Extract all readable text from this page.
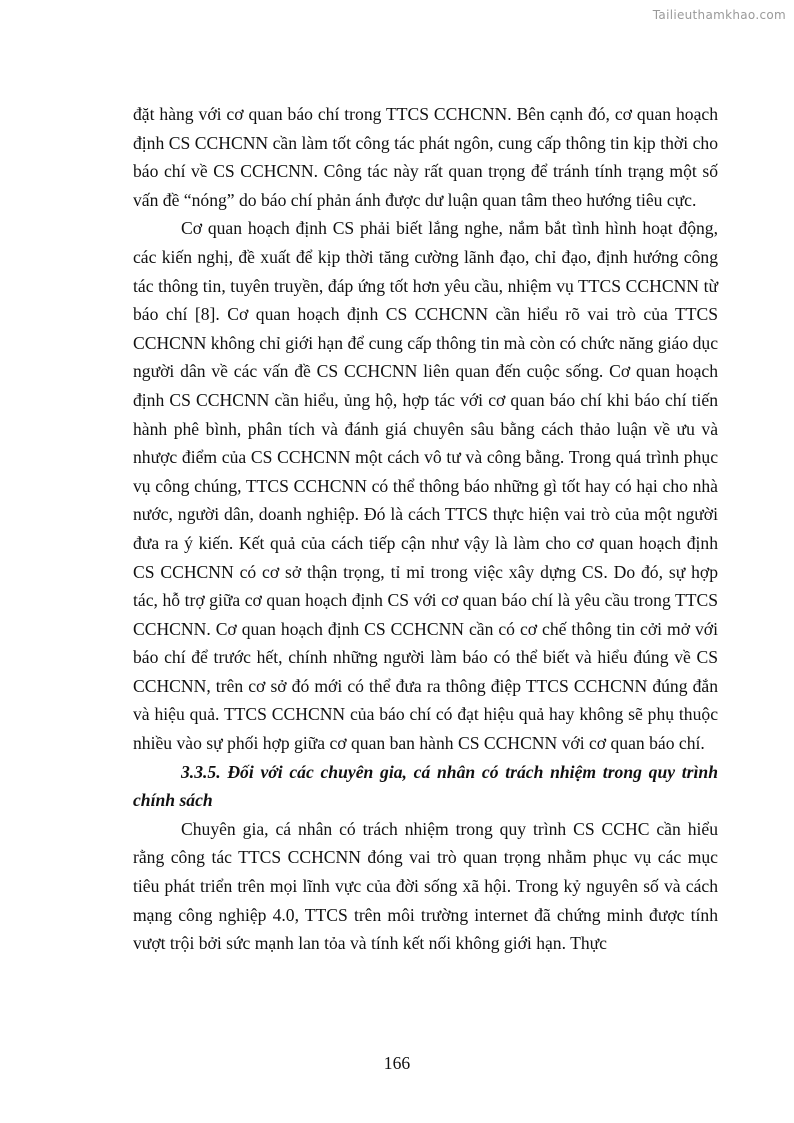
Tailieuthamkhao.com

đặt hàng với cơ quan báo chí trong TTCS CCHCNN. Bên cạnh đó, cơ quan hoạch định CS CCHCNN cần làm tốt công tác phát ngôn, cung cấp thông tin kịp thời cho báo chí về CS CCHCNN. Công tác này rất quan trọng để tránh tính trạng một số vấn đề “nóng” do báo chí phản ánh được dư luận quan tâm theo hướng tiêu cực.

Cơ quan hoạch định CS phải biết lắng nghe, nắm bắt tình hình hoạt động, các kiến nghị, đề xuất để kịp thời tăng cường lãnh đạo, chỉ đạo, định hướng công tác thông tin, tuyên truyền, đáp ứng tốt hơn yêu cầu, nhiệm vụ TTCS CCHCNN từ báo chí [8]. Cơ quan hoạch định CS CCHCNN cần hiểu rõ vai trò của TTCS CCHCNN không chỉ giới hạn để cung cấp thông tin mà còn có chức năng giáo dục người dân về các vấn đề CS CCHCNN liên quan đến cuộc sống. Cơ quan hoạch định CS CCHCNN cần hiểu, ủng hộ, hợp tác với cơ quan báo chí khi báo chí tiến hành phê bình, phân tích và đánh giá chuyên sâu bằng cách thảo luận về ưu và nhược điểm của CS CCHCNN một cách vô tư và công bằng. Trong quá trình phục vụ công chúng, TTCS CCHCNN có thể thông báo những gì tốt hay có hại cho nhà nước, người dân, doanh nghiệp. Đó là cách TTCS thực hiện vai trò của một người đưa ra ý kiến. Kết quả của cách tiếp cận như vậy là làm cho cơ quan hoạch định CS CCHCNN có cơ sở thận trọng, tỉ mỉ trong việc xây dựng CS. Do đó, sự hợp tác, hỗ trợ giữa cơ quan hoạch định CS với cơ quan báo chí là yêu cầu trong TTCS CCHCNN. Cơ quan hoạch định CS CCHCNN cần có cơ chế thông tin cởi mở với báo chí để trước hết, chính những người làm báo có thể biết và hiểu đúng về CS CCHCNN, trên cơ sở đó mới có thể đưa ra thông điệp TTCS CCHCNN đúng đắn và hiệu quả. TTCS CCHCNN của báo chí có đạt hiệu quả hay không sẽ phụ thuộc nhiều vào sự phối hợp giữa cơ quan ban hành CS CCHCNN với cơ quan báo chí.

3.3.5. Đối với các chuyên gia, cá nhân có trách nhiệm trong quy trình chính sách

Chuyên gia, cá nhân có trách nhiệm trong quy trình CS CCHC cần hiểu rằng công tác TTCS CCHCNN đóng vai trò quan trọng nhằm phục vụ các mục tiêu phát triển trên mọi lĩnh vực của đời sống xã hội. Trong kỷ nguyên số và cách mạng công nghiệp 4.0, TTCS trên môi trường internet đã chứng minh được tính vượt trội bởi sức mạnh lan tỏa và tính kết nối không giới hạn. Thực

166
